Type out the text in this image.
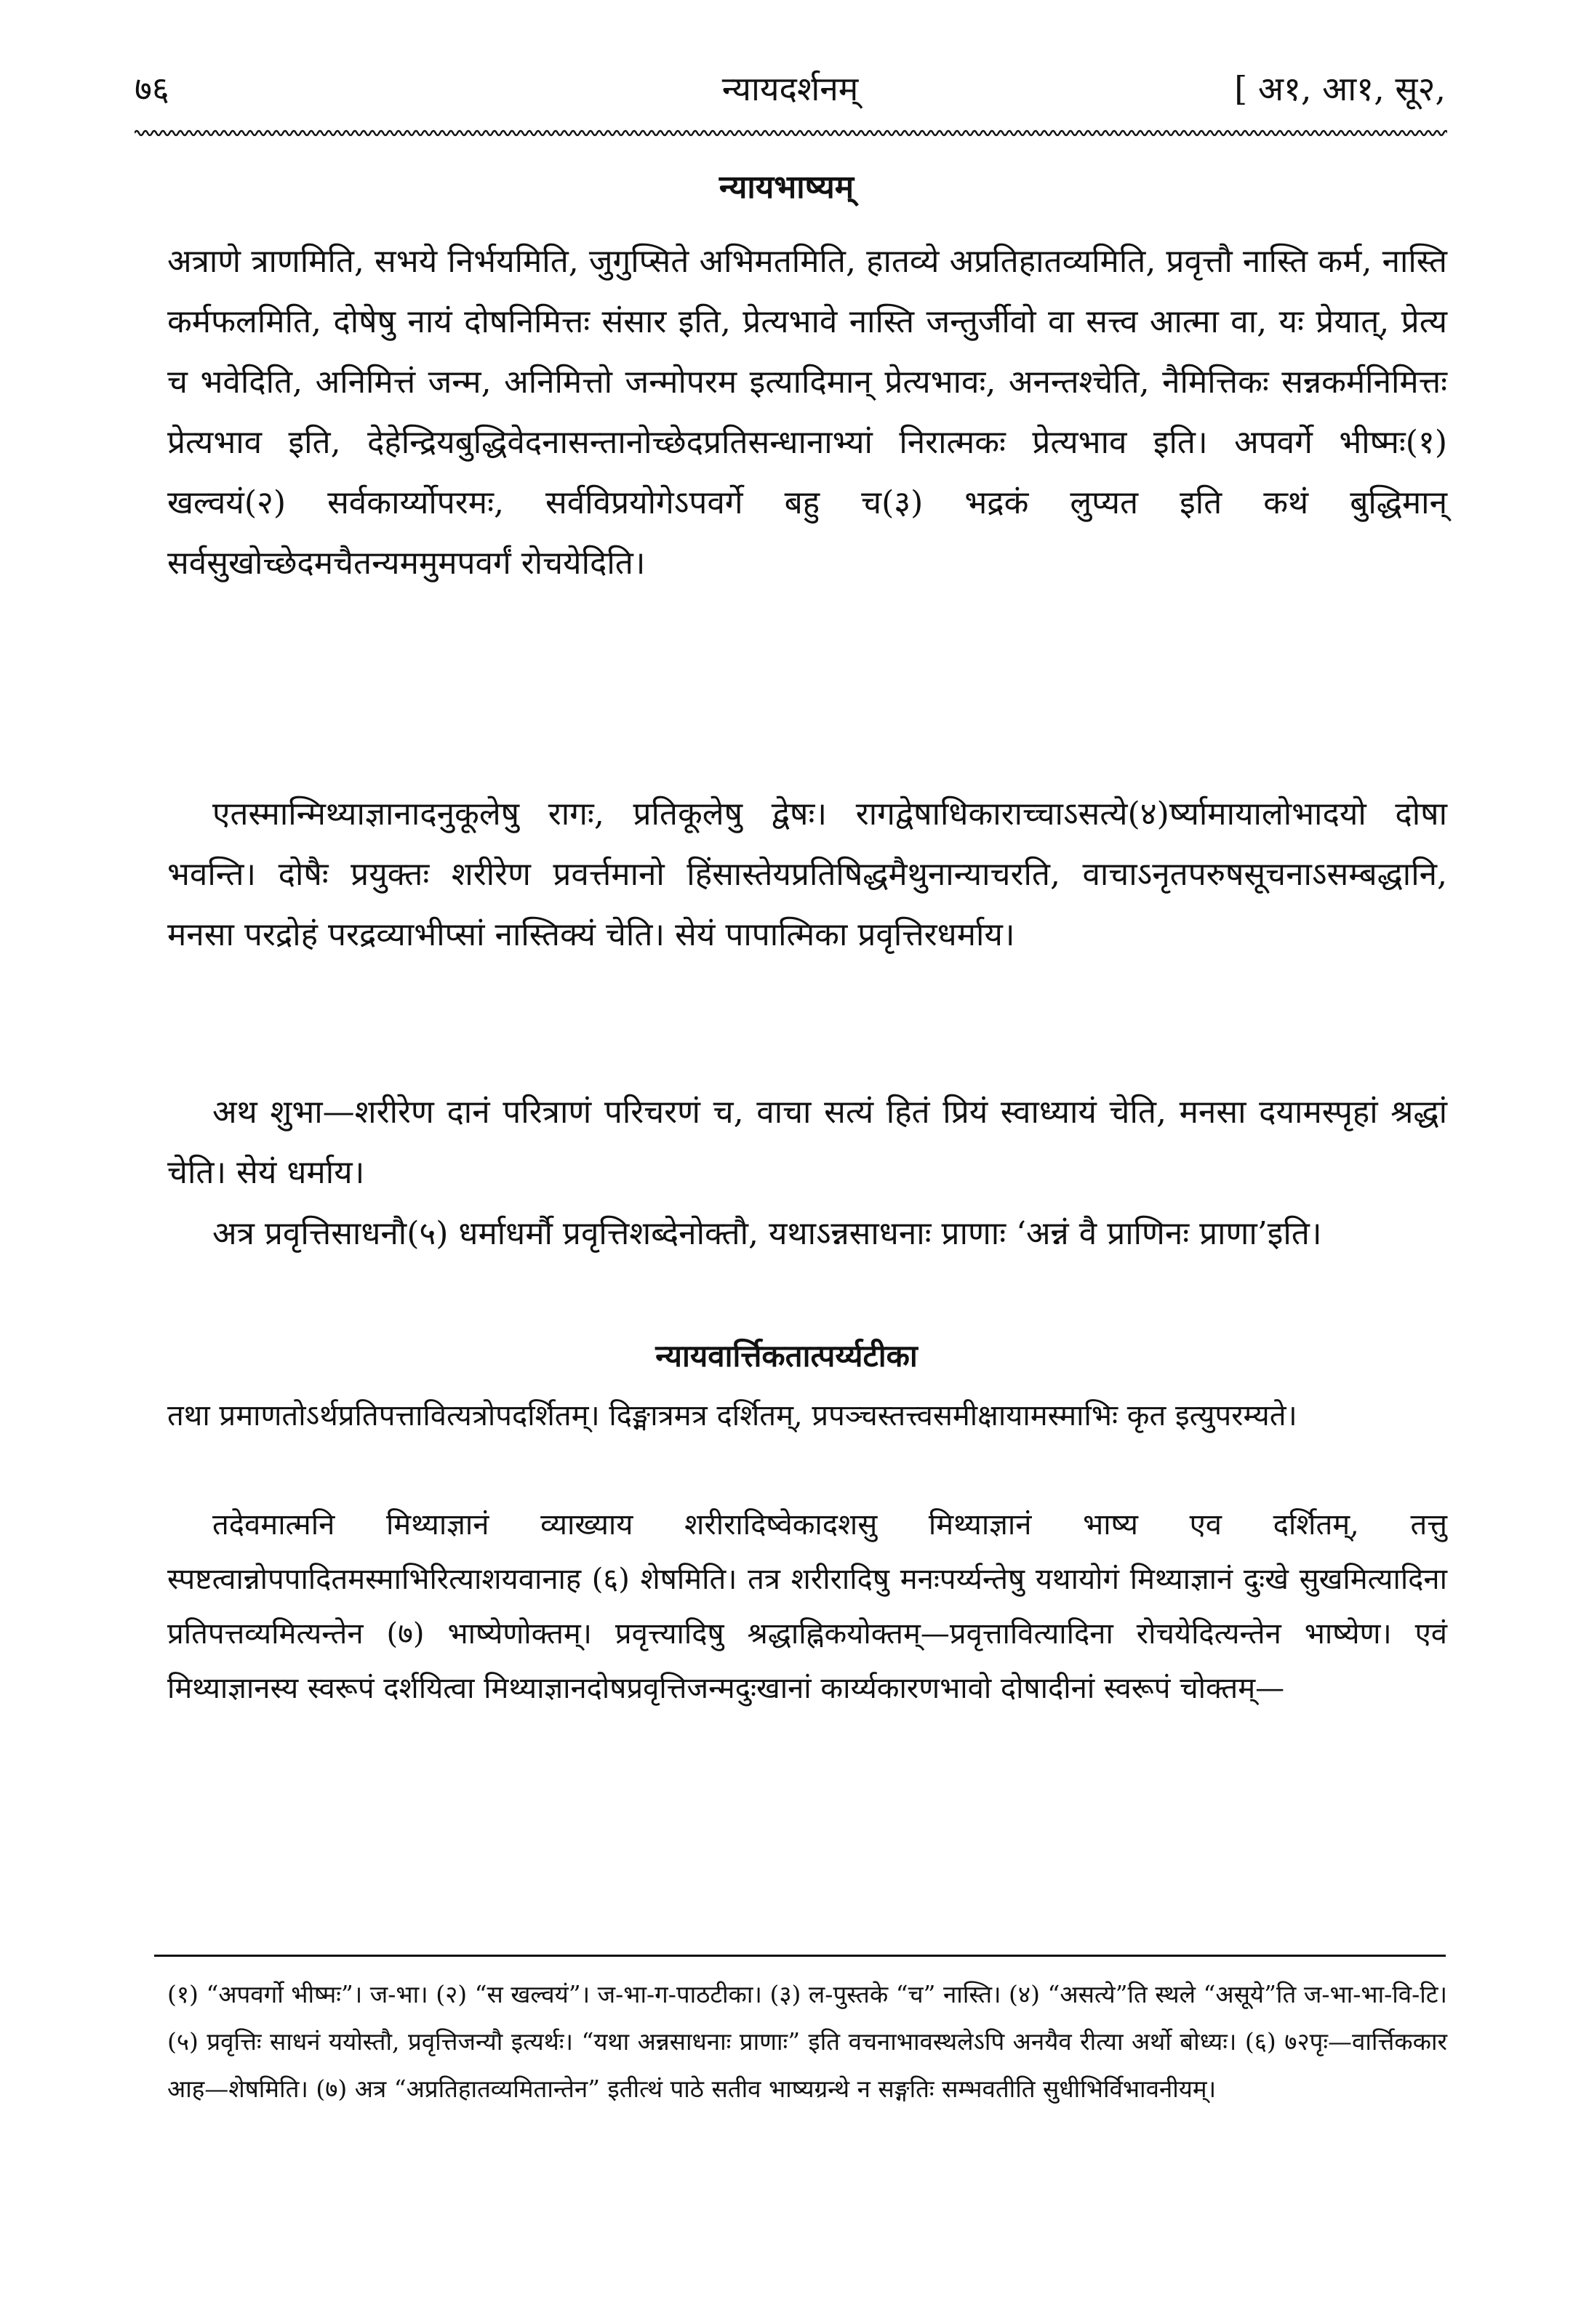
७६	न्यायदर्शनम्	[ अ१, आ१, सू२,
न्यायभाष्यम्
अत्राणे त्राणमिति, सभये निर्भयमिति, जुगुप्सिते अभिमतमिति, हातव्ये अप्रतिहातव्यमिति, प्रवृत्तौ नास्ति कर्म, नास्ति कर्मफलमिति, दोषेषु नायं दोषनिमित्तः संसार इति, प्रेत्यभावे नास्ति जन्तुर्जीवो वा सत्त्व आत्मा वा, यः प्रेयात्, प्रेत्य च भवेदिति, अनिमित्तं जन्म, अनिमित्तो जन्मोपरम इत्यादिमान् प्रेत्यभावः, अनन्तश्चेति, नैमित्तिकः सन्नकर्मनिमित्तः प्रेत्यभाव इति, देहेन्द्रियबुद्धिवेदनासन्तानोच्छेदप्रतिसन्धानाभ्यां निरात्मकः प्रेत्यभाव इति। अपवर्गे भीष्मः(१) खल्वयं(२) सर्वकार्य्योपरमः, सर्वविप्रयोगेऽपवर्गे बहु च(३) भद्रकं लुप्यत इति कथं बुद्धिमान् सर्वसुखोच्छेदमचैतन्यममुमपवर्गं रोचयेदिति।
एतस्मान्मिथ्याज्ञानादनुकूलेषु रागः, प्रतिकूलेषु द्वेषः। रागद्वेषाधिकाराच्चाऽसत्ये(४)र्ष्यामायालोभादयो दोषा भवन्ति। दोषैः प्रयुक्तः शरीरेण प्रवर्त्तमानो हिंसास्तेयप्रतिषिद्धमैथुनान्याचरति, वाचाऽनृतपरुषसूचनाऽसम्बद्धानि, मनसा परद्रोहं परद्रव्याभीप्सां नास्तिक्यं चेति। सेयं पापात्मिका प्रवृत्तिरधर्माय।
अथ शुभा—शरीरेण दानं परित्राणं परिचरणं च, वाचा सत्यं हितं प्रियं स्वाध्यायं चेति, मनसा दयामस्पृहां श्रद्धां चेति। सेयं धर्माय।
अत्र प्रवृत्तिसाधनौ(५) धर्माधर्मौ प्रवृत्तिशब्देनोक्तौ, यथाऽन्नसाधनाः प्राणाः ‘अन्नं वै प्राणिनः प्राणा’इति।
न्यायवार्त्तिकतात्पर्य्यटीका
तथा प्रमाणतोऽर्थप्रतिपत्तावित्यत्रोपदर्शितम्। दिङ्मात्रमत्र दर्शितम्, प्रपञ्चस्तत्त्वसमीक्षायामस्माभिः कृत इत्युपरम्यते।
तदेवमात्मनि मिथ्याज्ञानं व्याख्याय शरीरादिष्वेकादशसु मिथ्याज्ञानं भाष्य एव दर्शितम्, तत्तु स्पष्टत्वान्नोपपादितमस्माभिरित्याशयवानाह (६) शेषमिति। तत्र शरीरादिषु मनःपर्य्यन्तेषु यथायोगं मिथ्याज्ञानं दुःखे सुखमित्यादिना प्रतिपत्तव्यमित्यन्तेन (७) भाष्येणोक्तम्। प्रवृत्त्यादिषु श्रद्धाह्निकयोक्तम्—प्रवृत्तावित्यादिना रोचयेदित्यन्तेन भाष्येण। एवं मिथ्याज्ञानस्य स्वरूपं दर्शयित्वा मिथ्याज्ञानदोषप्रवृत्तिजन्मदुःखानां कार्य्यकारणभावो दोषादीनां स्वरूपं चोक्तम्—
(१) “अपवर्गो भीष्मः”। ज-भा। (२) “स खल्वयं”। ज-भा-ग-पाठटीका। (३) ल-पुस्तके “च” नास्ति। (४) “असत्ये”ति स्थले “असूये”ति ज-भा-भा-वि-टि। (५) प्रवृत्तिः साधनं ययोस्तौ, प्रवृत्तिजन्यौ इत्यर्थः। “यथा अन्नसाधनाः प्राणाः” इति वचनाभावस्थलेऽपि अनयैव रीत्या अर्थो बोध्यः। (६) ७२पृः—वार्त्तिककार आह—शेषमिति। (७) अत्र “अप्रतिहातव्यमितान्तेन” इतीत्थं पाठे सतीव भाष्यग्रन्थे न सङ्गतिः सम्भवतीति सुधीभिर्विभावनीयम्।
